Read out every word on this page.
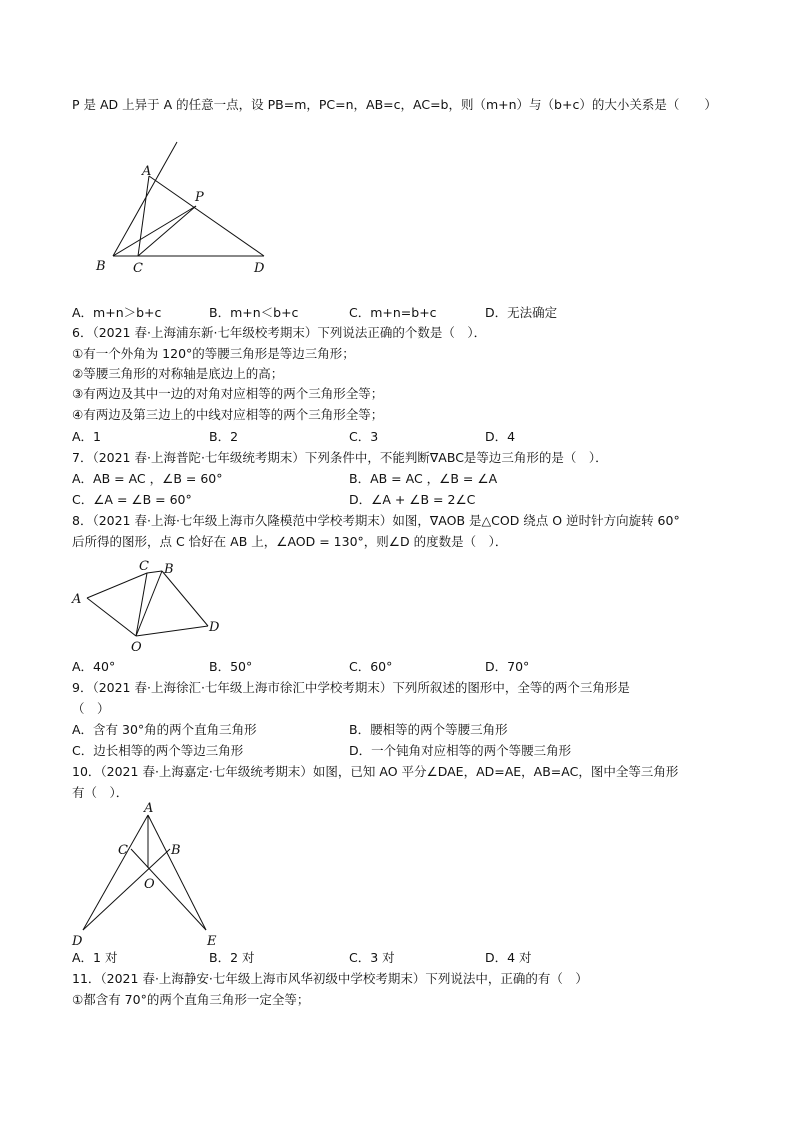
P 是 AD 上异于 A 的任意一点，设 PB=m，PC=n，AB=c，AC=b，则（m+n）与（b+c）的大小关系是（　　）
A
P
B C	D
A．m+n＞b+c	B．m+n＜b+c	C．m+n=b+c	D．无法确定
6．（2021 春·上海浦东新·七年级校考期末）下列说法正确的个数是（　）．
①有一个外角为 120°的等腰三角形是等边三角形；
②等腰三角形的对称轴是底边上的高；
③有两边及其中一边的对角对应相等的两个三角形全等；
④有两边及第三边上的中线对应相等的两个三角形全等；
A．1	B．2	C．3	D．4
7．（2021 春·上海普陀·七年级统考期末）下列条件中，不能判断∇ABC是等边三角形的是（　）．
A．AB = AC ，∠B = 60°	B．AB = AC ，∠B = ∠A
C．∠A = ∠B = 60°	D．∠A + ∠B = 2∠C
8．（2021 春·上海·七年级上海市久隆模范中学校考期末）如图，∇AOB 是△COD 绕点 O 逆时针方向旋转 60°
后所得的图形，点 C 恰好在 AB 上，∠AOD = 130°，则∠D 的度数是（　）．
A
C B
D
O
A．40°	B．50°	C．60°	D．70°
9．（2021 春·上海徐汇·七年级上海市徐汇中学校考期末）下列所叙述的图形中，全等的两个三角形是
（　）
A．含有 30°角的两个直角三角形	B．腰相等的两个等腰三角形
C．边长相等的两个等边三角形	D．一个钝角对应相等的两个等腰三角形
10．（2021 春·上海嘉定·七年级统考期末）如图，已知 AO 平分∠DAE，AD=AE，AB=AC，图中全等三角形
有（　）．
A
C	B
O
D	E
A．1 对	B．2 对	C．3 对	D．4 对
11．（2021 春·上海静安·七年级上海市风华初级中学校考期末）下列说法中，正确的有（　）
①都含有 70°的两个直角三角形一定全等；
